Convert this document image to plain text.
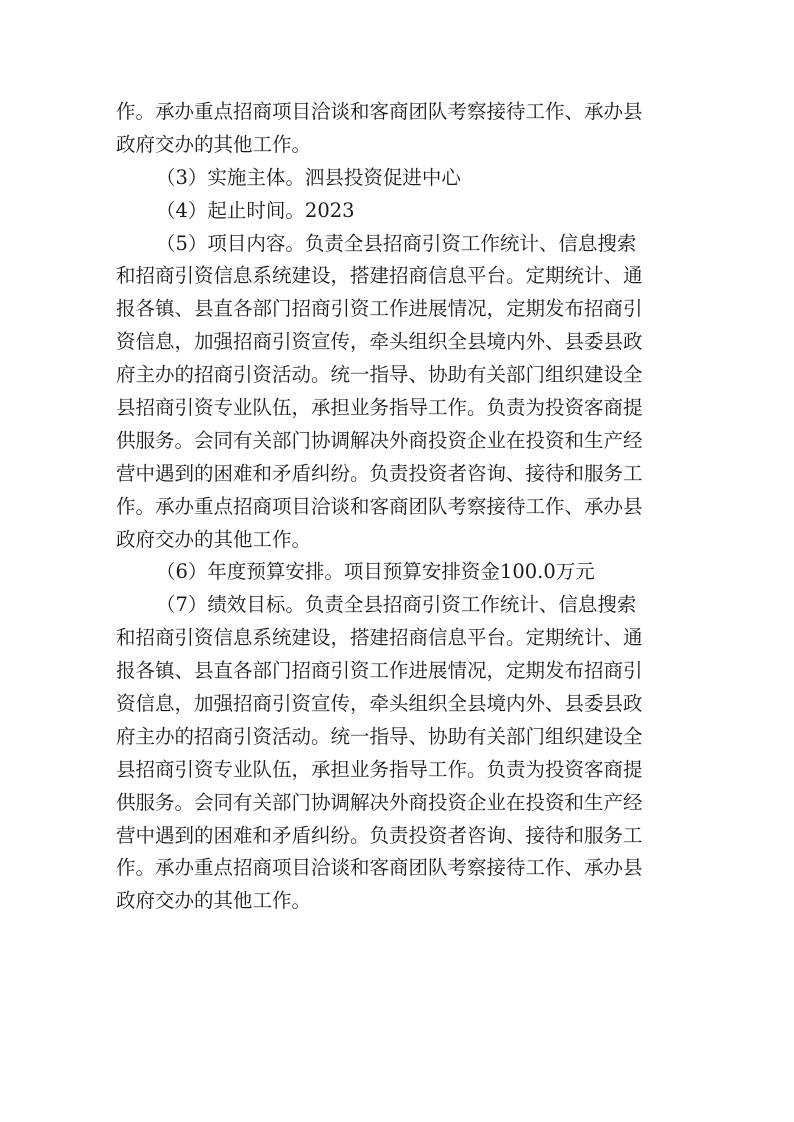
作。承办重点招商项目洽谈和客商团队考察接待工作、承办县
政府交办的其他工作。
（3）实施主体。泗县投资促进中心
（4）起止时间。2023
（5）项目内容。负责全县招商引资工作统计、信息搜索
和招商引资信息系统建设，搭建招商信息平台。定期统计、通
报各镇、县直各部门招商引资工作进展情况，定期发布招商引
资信息，加强招商引资宣传，牵头组织全县境内外、县委县政
府主办的招商引资活动。统一指导、协助有关部门组织建设全
县招商引资专业队伍，承担业务指导工作。负责为投资客商提
供服务。会同有关部门协调解决外商投资企业在投资和生产经
营中遇到的困难和矛盾纠纷。负责投资者咨询、接待和服务工
作。承办重点招商项目洽谈和客商团队考察接待工作、承办县
政府交办的其他工作。
（6）年度预算安排。项目预算安排资金100.0万元
（7）绩效目标。负责全县招商引资工作统计、信息搜索
和招商引资信息系统建设，搭建招商信息平台。定期统计、通
报各镇、县直各部门招商引资工作进展情况，定期发布招商引
资信息，加强招商引资宣传，牵头组织全县境内外、县委县政
府主办的招商引资活动。统一指导、协助有关部门组织建设全
县招商引资专业队伍，承担业务指导工作。负责为投资客商提
供服务。会同有关部门协调解决外商投资企业在投资和生产经
营中遇到的困难和矛盾纠纷。负责投资者咨询、接待和服务工
作。承办重点招商项目洽谈和客商团队考察接待工作、承办县
政府交办的其他工作。
